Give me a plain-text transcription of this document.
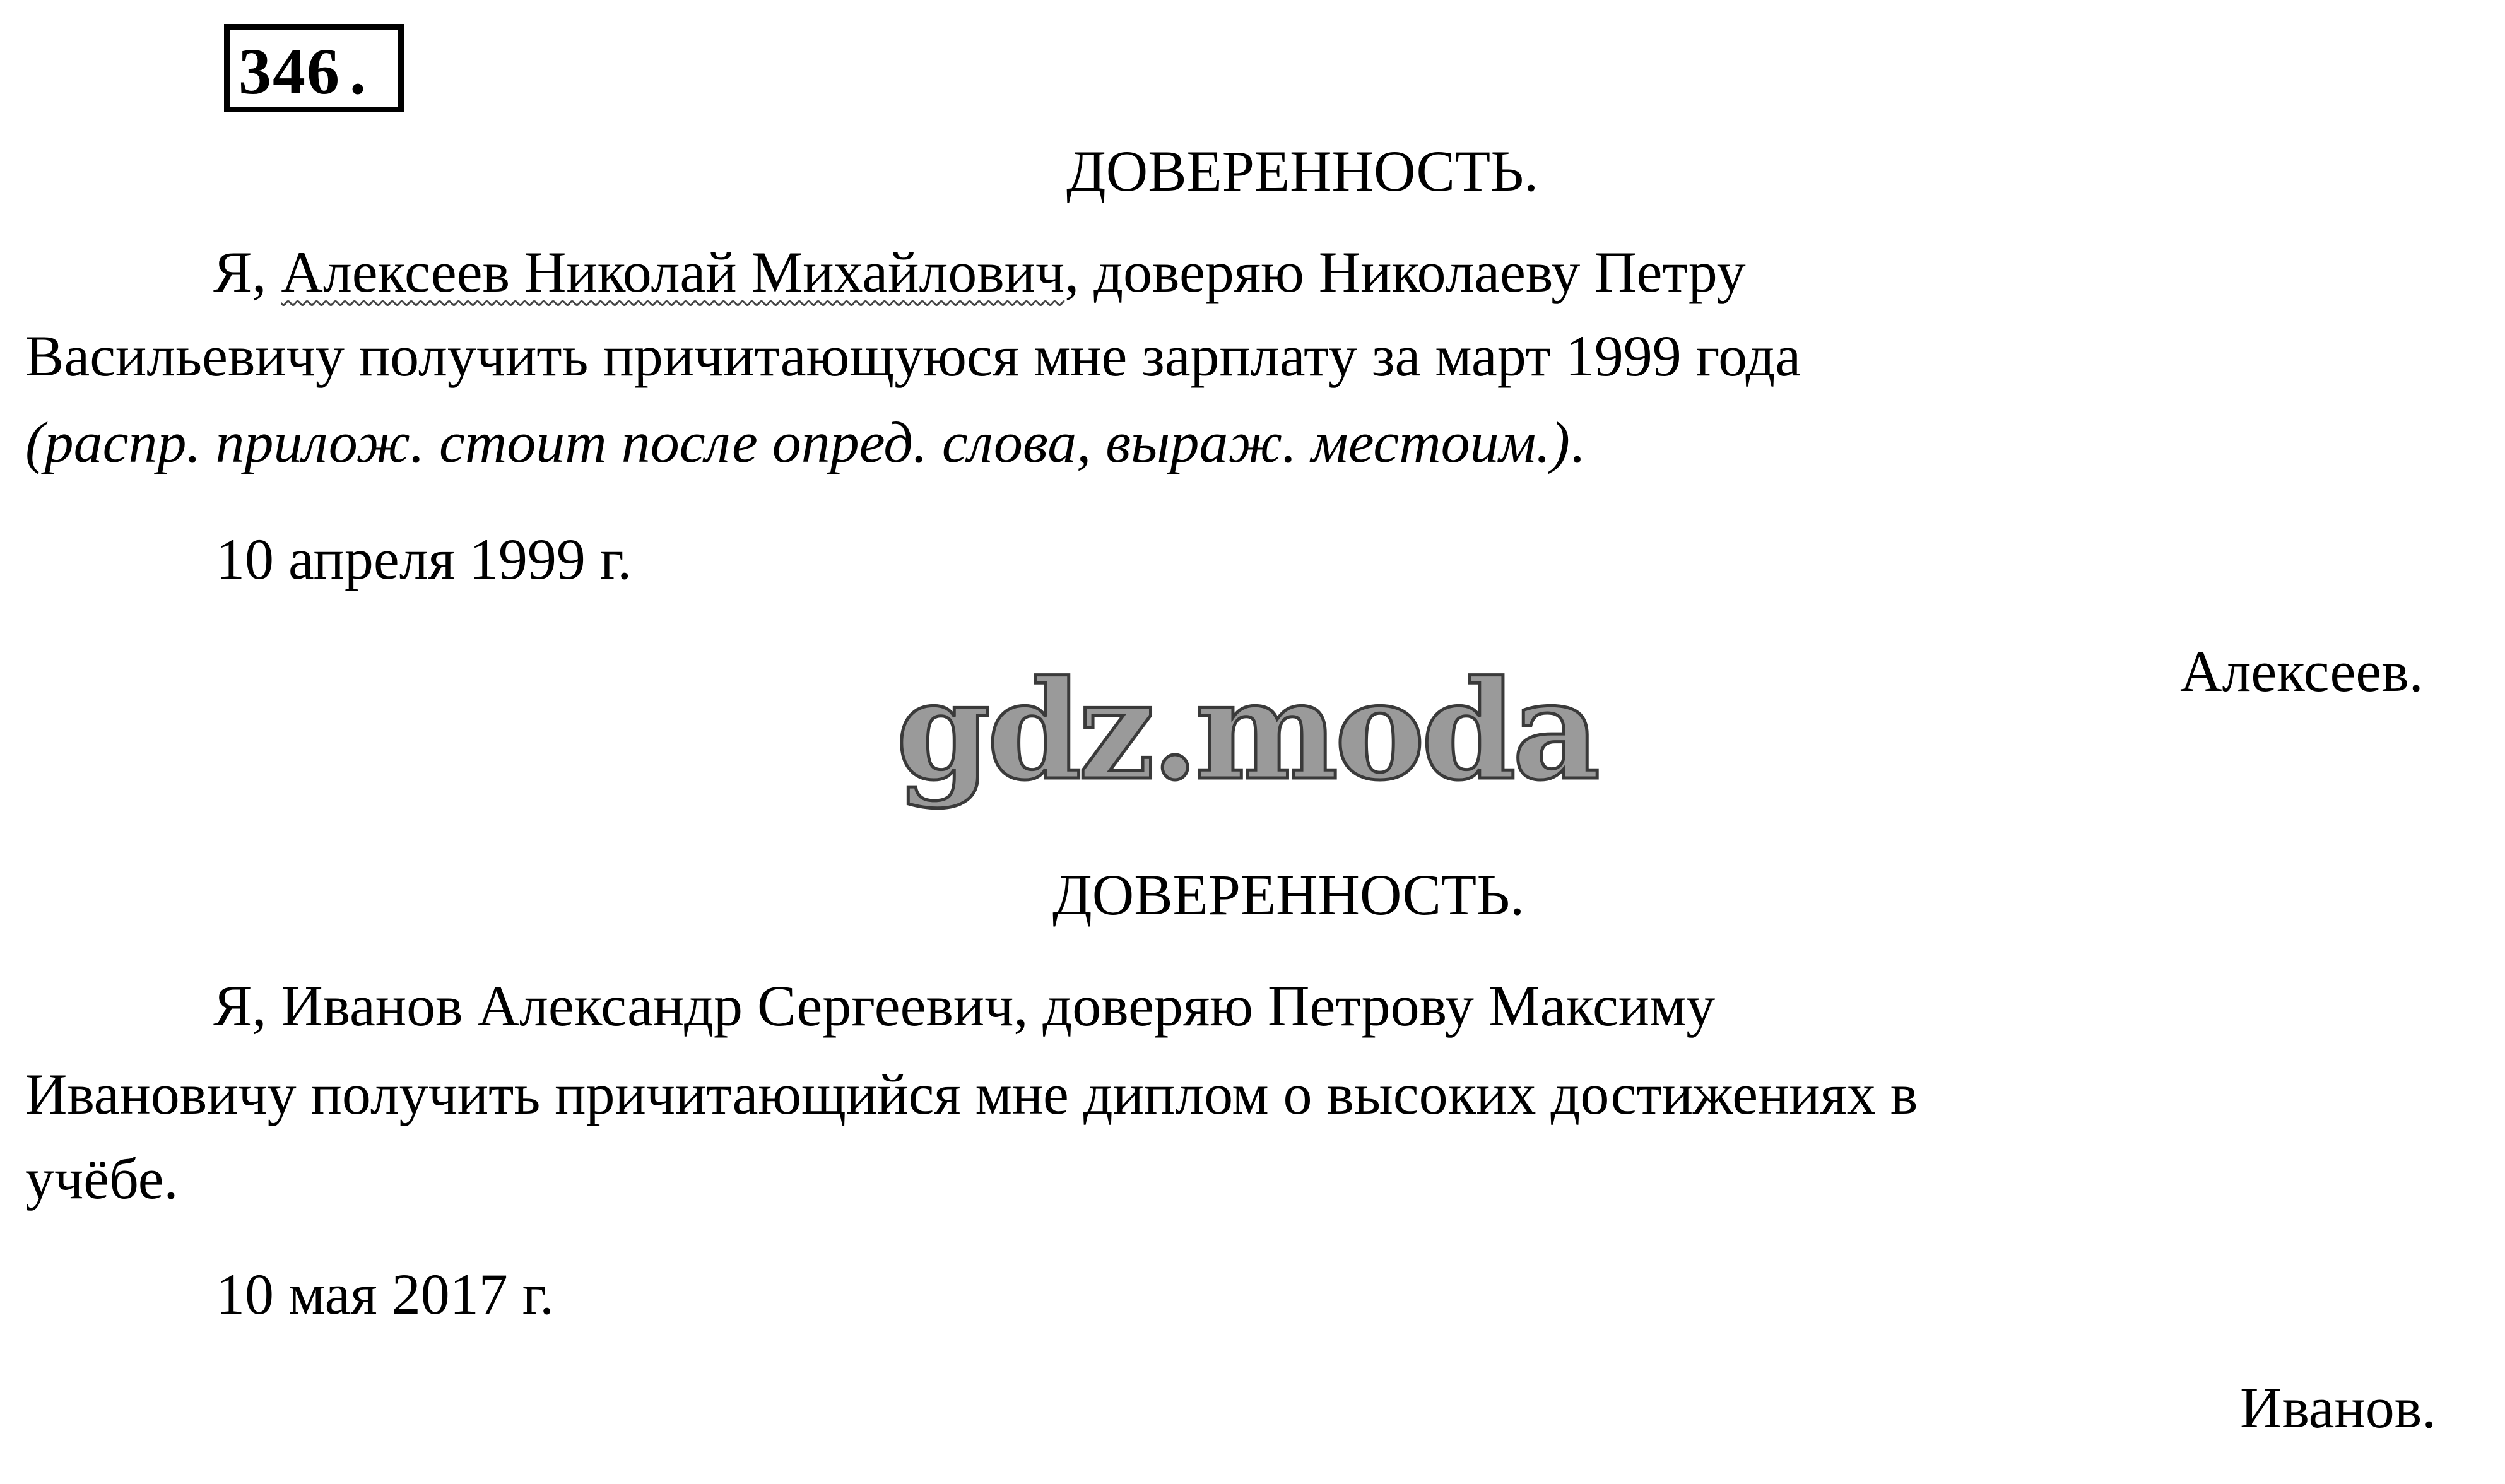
346 .
ДОВЕРЕННОСТЬ.
Я, Алексеев Николай Михайлович, доверяю Николаеву Петру
Васильевичу получить причитающуюся мне зарплату за март 1999 года
(распр. прилож. стоит после опред. слова, выраж. местоим.).
10 апреля 1999 г.
Алексеев.
gdz.moda
ДОВЕРЕННОСТЬ.
Я, Иванов Александр Сергеевич, доверяю Петрову Максиму
Ивановичу получить причитающийся мне диплом о высоких достижениях в
учёбе.
10 мая 2017 г.
Иванов.
